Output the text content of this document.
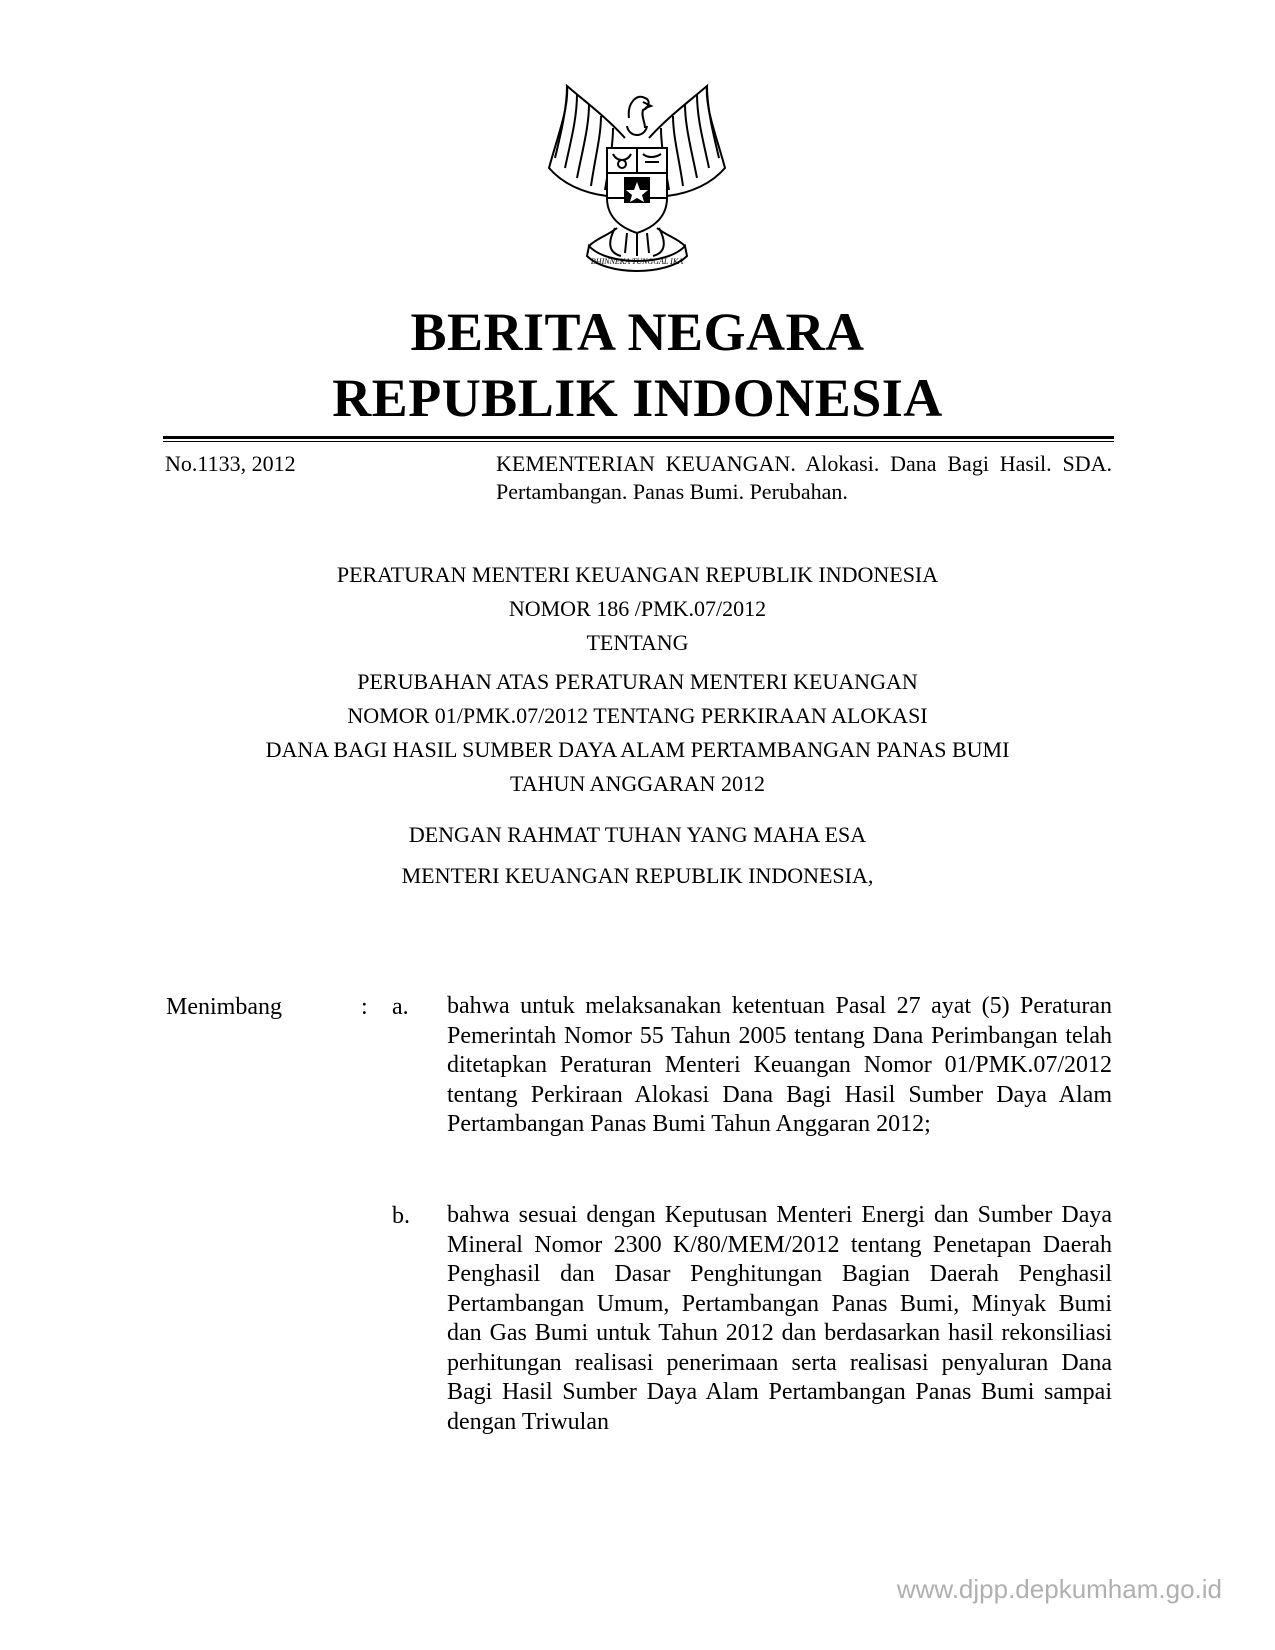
BHINNEKA TUNGGAL IKA
BERITA NEGARA
REPUBLIK INDONESIA
No.1133, 2012	KEMENTERIAN KEUANGAN. Alokasi. Dana Bagi Hasil. SDA. Pertambangan. Panas Bumi. Perubahan.
PERATURAN MENTERI KEUANGAN REPUBLIK INDONESIA
NOMOR 186 /PMK.07/2012
TENTANG
PERUBAHAN ATAS PERATURAN MENTERI KEUANGAN
NOMOR 01/PMK.07/2012 TENTANG PERKIRAAN ALOKASI
DANA BAGI HASIL SUMBER DAYA ALAM PERTAMBANGAN PANAS BUMI
TAHUN ANGGARAN 2012
DENGAN RAHMAT TUHAN YANG MAHA ESA
MENTERI KEUANGAN REPUBLIK INDONESIA,
Menimbang	: a. bahwa untuk melaksanakan ketentuan Pasal 27 ayat (5) Peraturan Pemerintah Nomor 55 Tahun 2005 tentang Dana Perimbangan telah ditetapkan Peraturan Menteri Keuangan Nomor 01/PMK.07/2012 tentang Perkiraan Alokasi Dana Bagi Hasil Sumber Daya Alam Pertambangan Panas Bumi Tahun Anggaran 2012;
b. bahwa sesuai dengan Keputusan Menteri Energi dan Sumber Daya Mineral Nomor 2300 K/80/MEM/2012 tentang Penetapan Daerah Penghasil dan Dasar Penghitungan Bagian Daerah Penghasil Pertambangan Umum, Pertambangan Panas Bumi, Minyak Bumi dan Gas Bumi untuk Tahun 2012 dan berdasarkan hasil rekonsiliasi perhitungan realisasi penerimaan serta realisasi penyaluran Dana Bagi Hasil Sumber Daya Alam Pertambangan Panas Bumi sampai dengan Triwulan
www.djpp.depkumham.go.id
